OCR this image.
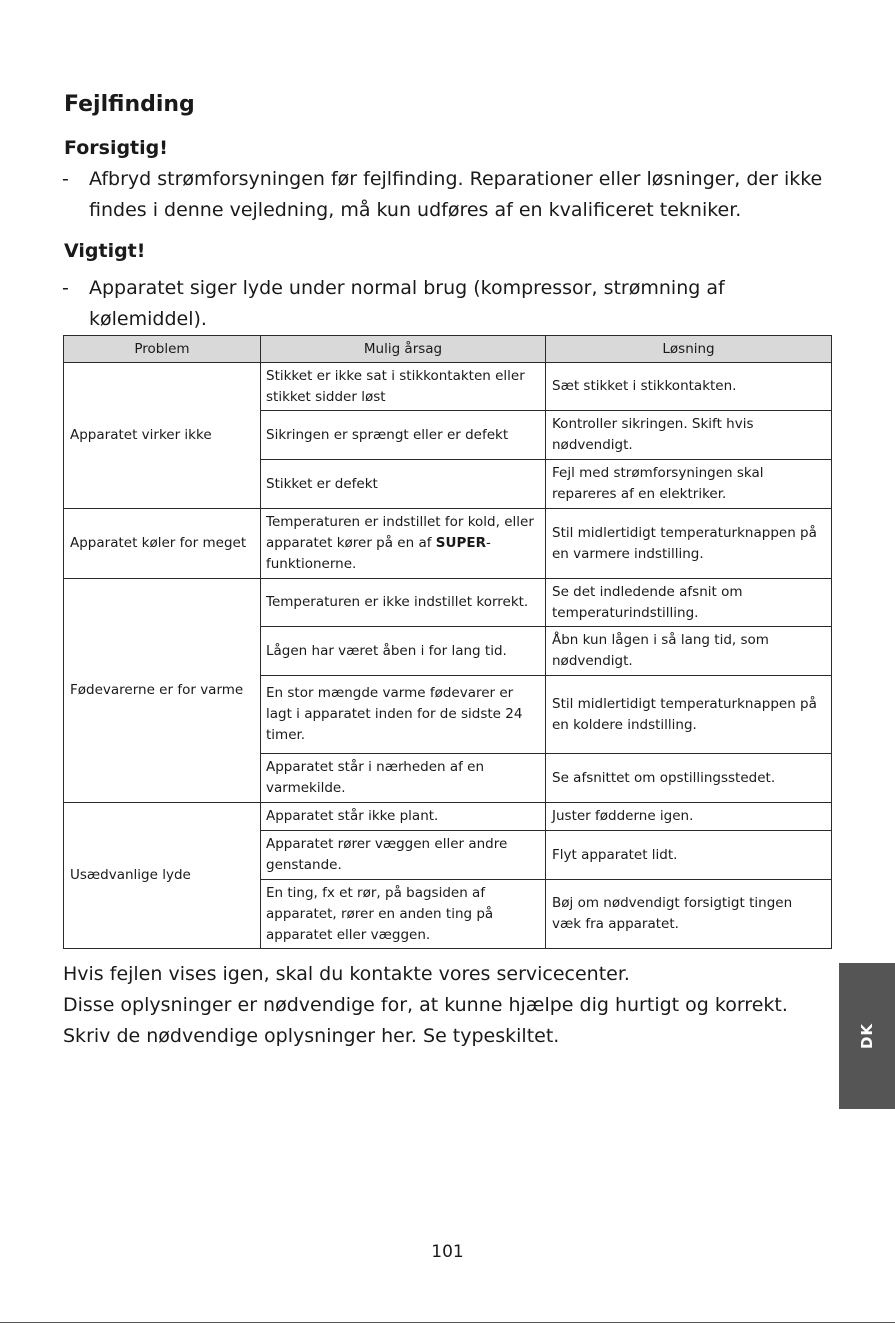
Fejlfinding
Forsigtig!
-	Afbryd strømforsyningen før fejlfinding. Reparationer eller løsninger, der ikke findes i denne vejledning, må kun udføres af en kvalificeret tekniker.
Vigtigt!
-	Apparatet siger lyde under normal brug (kompressor, strømning af kølemiddel).
Problem	Mulig årsag	Løsning
Apparatet virker ikke	Stikket er ikke sat i stikkontakten eller stikket sidder løst	Sæt stikket i stikkontakten.
	Sikringen er sprængt eller er defekt	Kontroller sikringen. Skift hvis nødvendigt.
	Stikket er defekt	Fejl med strømforsyningen skal repareres af en elektriker.
Apparatet køler for meget	Temperaturen er indstillet for kold, eller apparatet kører på en af SUPER-funktionerne.	Stil midlertidigt temperaturknappen på en varmere indstilling.
Fødevarerne er for varme	Temperaturen er ikke indstillet korrekt.	Se det indledende afsnit om temperaturindstilling.
	Lågen har været åben i for lang tid.	Åbn kun lågen i så lang tid, som nødvendigt.
	En stor mængde varme fødevarer er lagt i apparatet inden for de sidste 24 timer.	Stil midlertidigt temperaturknappen på en koldere indstilling.
	Apparatet står i nærheden af en varmekilde.	Se afsnittet om opstillingsstedet.
Usædvanlige lyde	Apparatet står ikke plant.	Juster fødderne igen.
	Apparatet rører væggen eller andre genstande.	Flyt apparatet lidt.
	En ting, fx et rør, på bagsiden af apparatet, rører en anden ting på apparatet eller væggen.	Bøj om nødvendigt forsigtigt tingen væk fra apparatet.
Hvis fejlen vises igen, skal du kontakte vores servicecenter.
Disse oplysninger er nødvendige for, at kunne hjælpe dig hurtigt og korrekt.
Skriv de nødvendige oplysninger her. Se typeskiltet.	DK
101
